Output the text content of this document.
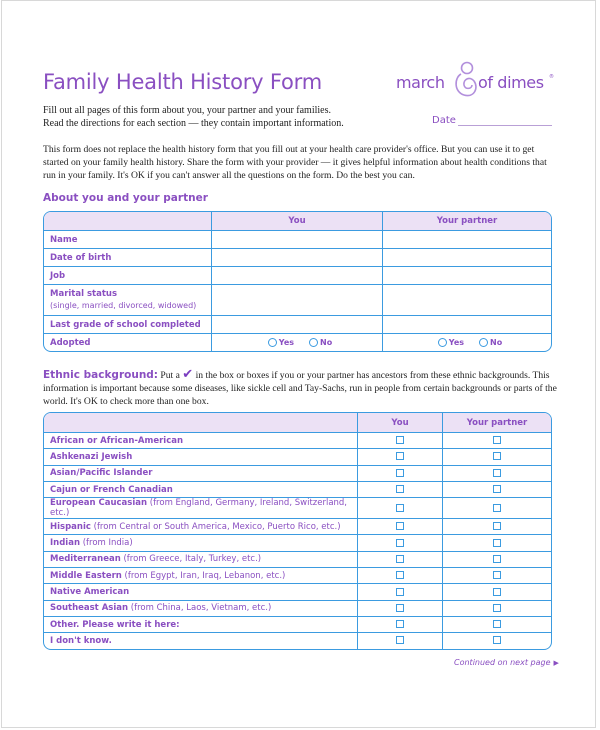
Family Health History Form	march of dimes ®
Fill out all pages of this form about you, your partner and your families.
Read the directions for each section — they contain important information.	Date
This form does not replace the health history form that you fill out at your health care provider's office. But you can use it to get started on your family health history. Share the form with your provider — it gives helpful information about health conditions that run in your family. It's OK if you can't answer all the questions on the form. Do the best you can.
About you and your partner
	You	Your partner
Name		
Date of birth		
Job		

Marital status
(single, married, divorced, widowed)		

Last grade of school completed		
Adopted	Yes No	Yes No
Ethnic background: Put a ✔ in the box or boxes if you or your partner has ancestors from these ethnic backgrounds. This information is important because some diseases, like sickle cell and Tay-Sachs, run in people from certain backgrounds or parts of the world. It's OK to check more than one box.
	You	Your partner
African or African-American		
Ashkenazi Jewish		
Asian/Pacific Islander		
Cajun or French Canadian		
European Caucasian (from England, Germany, Ireland, Switzerland, etc.)		
Hispanic (from Central or South America, Mexico, Puerto Rico, etc.)		
Indian (from India)		
Mediterranean (from Greece, Italy, Turkey, etc.)		
Middle Eastern (from Egypt, Iran, Iraq, Lebanon, etc.)		
Native American		
Southeast Asian (from China, Laos, Vietnam, etc.)		
Other. Please write it here:		
I don't know.		
Continued on next page ▶
